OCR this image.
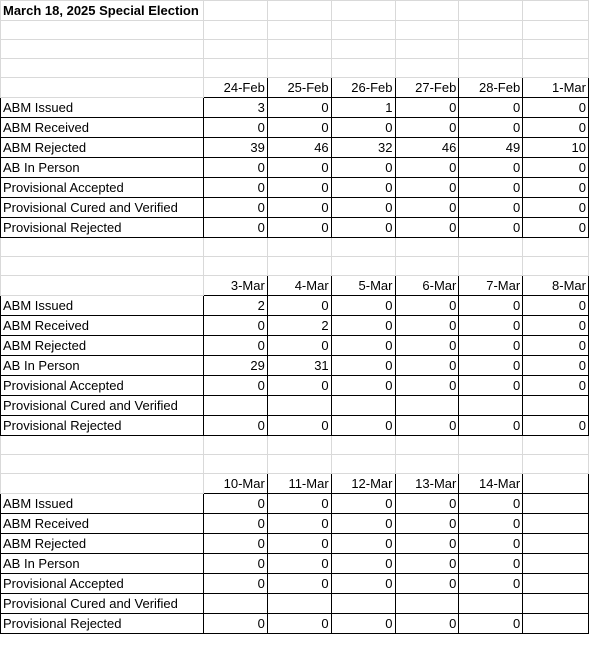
March 18, 2025 Special Election						

	24-Feb	25-Feb	26-Feb	27-Feb	28-Feb	1-Mar
ABM Issued	3	0	1	0	0	0
ABM Received	0	0	0	0	0	0
ABM Rejected	39	46	32	46	49	10
AB In Person	0	0	0	0	0	0
Provisional Accepted	0	0	0	0	0	0
Provisional Cured and Verified	0	0	0	0	0	0
Provisional Rejected	0	0	0	0	0	0

	3-Mar	4-Mar	5-Mar	6-Mar	7-Mar	8-Mar
ABM Issued	2	0	0	0	0	0
ABM Received	0	2	0	0	0	0
ABM Rejected	0	0	0	0	0	0
AB In Person	29	31	0	0	0	0
Provisional Accepted	0	0	0	0	0	0
Provisional Cured and Verified						
Provisional Rejected	0	0	0	0	0	0

	10-Mar	11-Mar	12-Mar	13-Mar	14-Mar	
ABM Issued	0	0	0	0	0	
ABM Received	0	0	0	0	0	
ABM Rejected	0	0	0	0	0	
AB In Person	0	0	0	0	0	
Provisional Accepted	0	0	0	0	0	
Provisional Cured and Verified						
Provisional Rejected	0	0	0	0	0	
